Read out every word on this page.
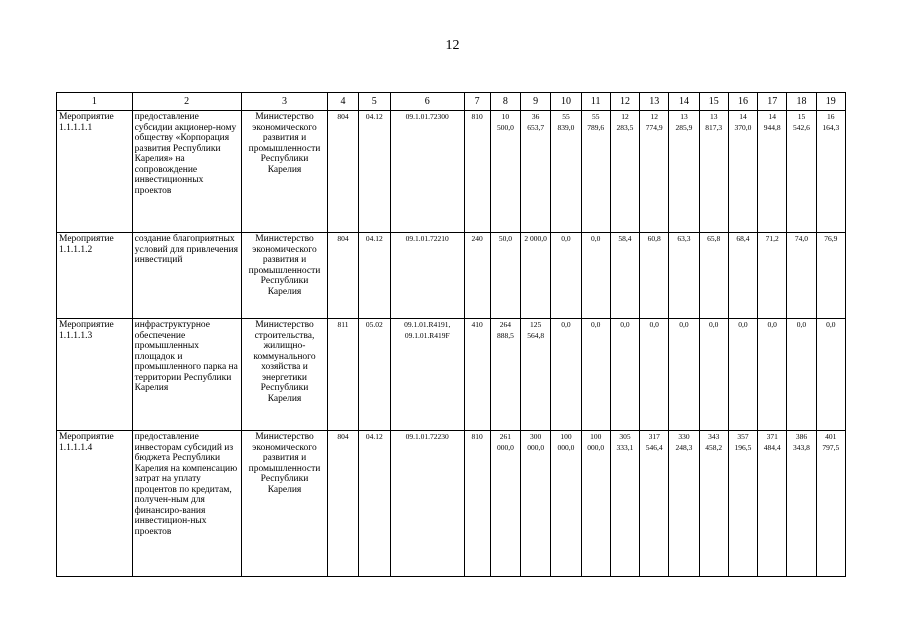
12
1	2	3	4	5	6	7	8	9	10	11	12	13	14	15	16	17	18	19
Мероприятие 1.1.1.1.1	предоставление субсидии акционер-ному обществу «Корпорация развития Республики Карелия» на сопровождение инвестиционных проектов	Министерство экономического развития и промышленности Республики Карелия	804	04.12	09.1.01.72300	810	10 500,0	36 653,7	55 839,0	55 789,6	12 283,5	12 774,9	13 285,9	13 817,3	14 370,0	14 944,8	15 542,6	16 164,3
Мероприятие 1.1.1.1.2	создание благоприятных условий для привлечения инвестиций	Министерство экономического развития и промышленности Республики Карелия	804	04.12	09.1.01.72210	240	50,0	2 000,0	0,0	0,0	58,4	60,8	63,3	65,8	68,4	71,2	74,0	76,9
Мероприятие 1.1.1.1.3	инфраструктурное обеспечение промышленных площадок и промышленного парка на территории Республики Карелия	Министерство строительства, жилищно-коммунального хозяйства и энергетики Республики Карелия	811	05.02	09.1.01.R4191, 09.1.01.R419F	410	264 888,5	125 564,8	0,0	0,0	0,0	0,0	0,0	0,0	0,0	0,0	0,0	0,0
Мероприятие 1.1.1.1.4	предоставление инвесторам субсидий из бюджета Республики Карелия на компенсацию затрат на уплату процентов по кредитам, получен-ным для финансиро-вания инвестицион-ных проектов	Министерство экономического развития и промышленности Республики Карелия	804	04.12	09.1.01.72230	810	261 000,0	300 000,0	100 000,0	100 000,0	305 333,1	317 546,4	330 248,3	343 458,2	357 196,5	371 484,4	386 343,8	401 797,5
